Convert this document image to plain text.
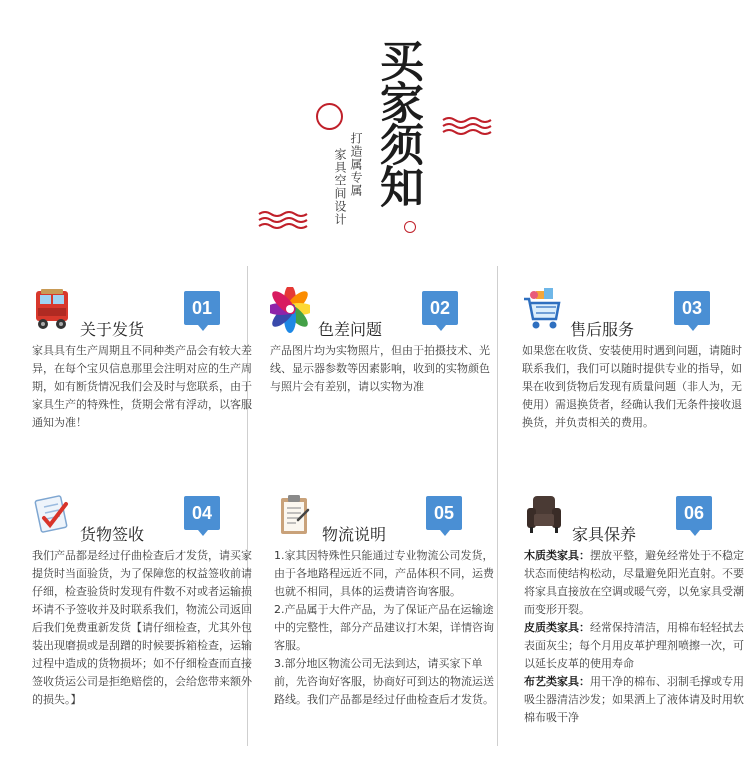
买家须知
打造属专属
家具空间设计
关于发货
01

家具具有生产周期且不同种类产品会有较大差异，在每个宝贝信息那里会注明对应的生产周期，如有断货情况我们会及时与您联系，由于家具生产的特殊性，货期会常有浮动，以客服通知为准！

色差问题
02

产品图片均为实物照片，但由于拍摄技术、光线、显示器参数等因素影响，收到的实物颜色与照片会有差别，请以实物为准

售后服务
03

如果您在收货、安装使用时遇到问题，请随时联系我们，我们可以随时提供专业的指导，如果在收到货物后发现有质量问题（非人为，无使用）需退换货者，经确认我们无条件接收退换货，并负责相关的费用。

货物签收
04

我们产品都是经过仔曲检查后才发货，请买家提货时当面验货，为了保障您的权益签收前请仔细，检查验货时发现有件数不对或者运输损坏请不予签收并及时联系我们，物流公司返回后我们免费重新发货【请仔细检查，尤其外包装出现磨损或是刮蹭的时候要拆箱检查，运输过程中造成的货物损坏；如不仔细检查而直接签收货运公司是拒绝赔偿的，会给您带来额外的损失。】

物流说明
05

1.家其因特殊性只能通过专业物流公司发货，由于各地路程远近不同，产品体积不同，运费也就不相同，具体的运费请咨询客服。

2.产品属于大件产品，为了保证产品在运输途中的完整性，部分产品建议打木架，详情咨询客服。

3.部分地区物流公司无法到达，请买家下单前，先咨询好客服，协商好可到达的物流运送路线。我们产品都是经过仔曲检查后才发货。

家具保养
06

木质类家具：摆放平整，避免经常处于不稳定状态而使结构松动，尽量避免阳光直射。不要将家具直接放在空调或暖气旁，以免家具受潮而变形开裂。

皮质类家具：经常保持清洁，用棉布轻轻拭去表面灰尘；每个月用皮革护理剂喷擦一次，可以延长皮革的使用寿命

布艺类家具：用干净的棉布、羽制毛撑或专用吸尘器清洁沙发；如果洒上了液体请及时用软棉布吸干净
